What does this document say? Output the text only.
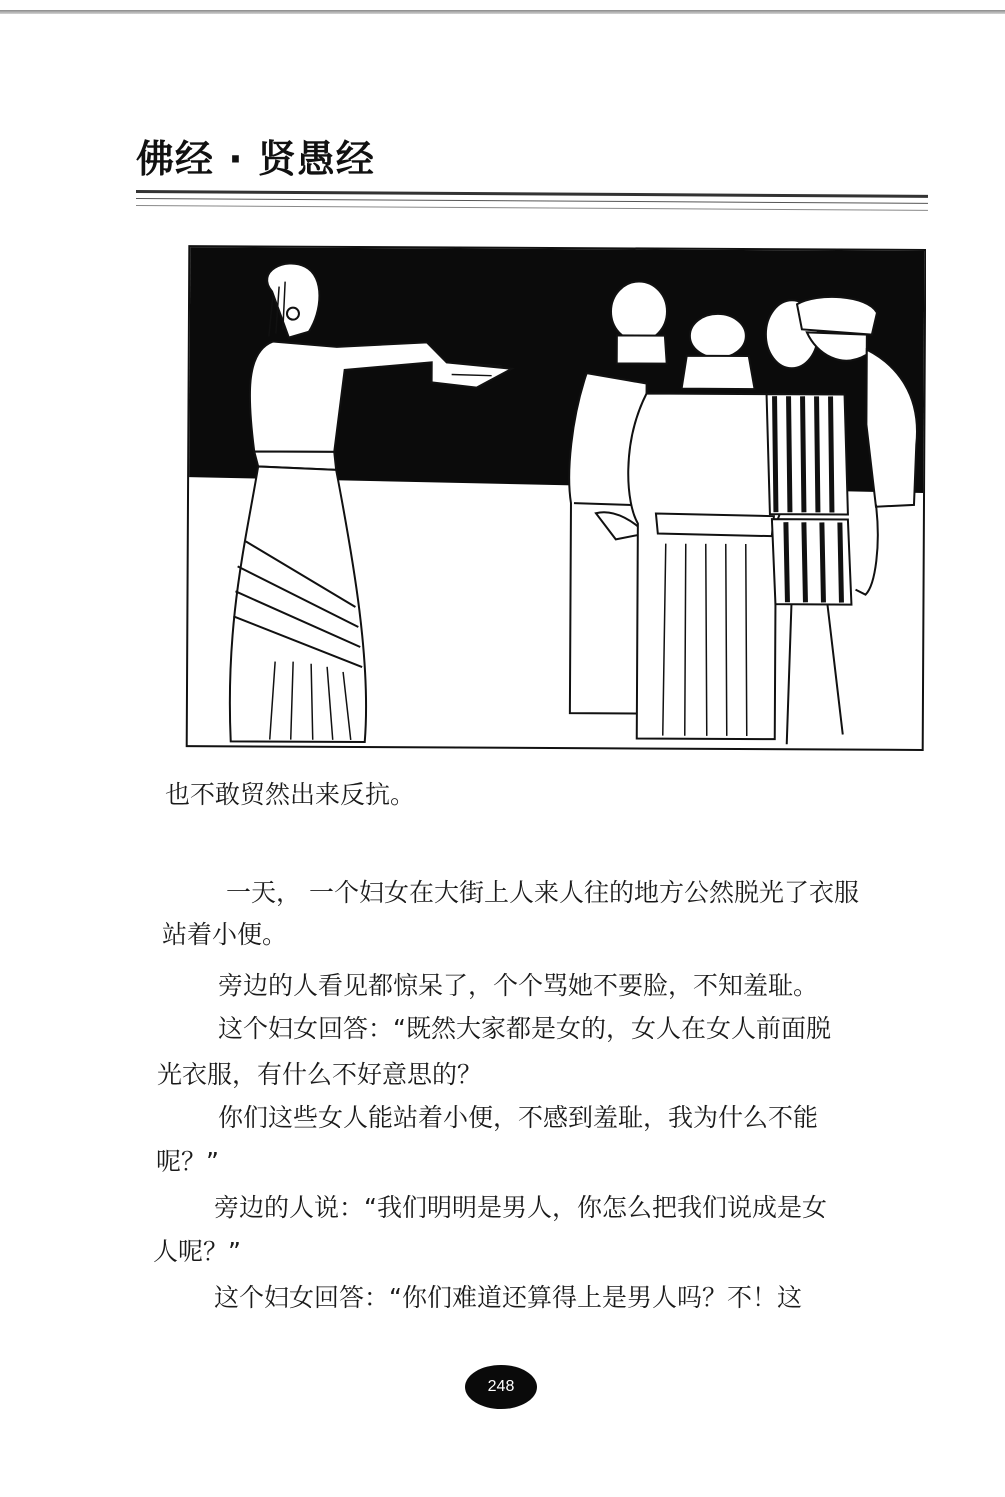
佛经 · 贤愚经
也不敢贸然出来反抗。
一天， 一个妇女在大街上人来人往的地方公然脱光了衣服
站着小便。
旁边的人看见都惊呆了，个个骂她不要脸，不知羞耻。
这个妇女回答：“既然大家都是女的，女人在女人前面脱
光衣服，有什么不好意思的？
你们这些女人能站着小便，不感到羞耻，我为什么不能
呢？”
旁边的人说：“我们明明是男人，你怎么把我们说成是女
人呢？”
这个妇女回答：“你们难道还算得上是男人吗？不！这
248
